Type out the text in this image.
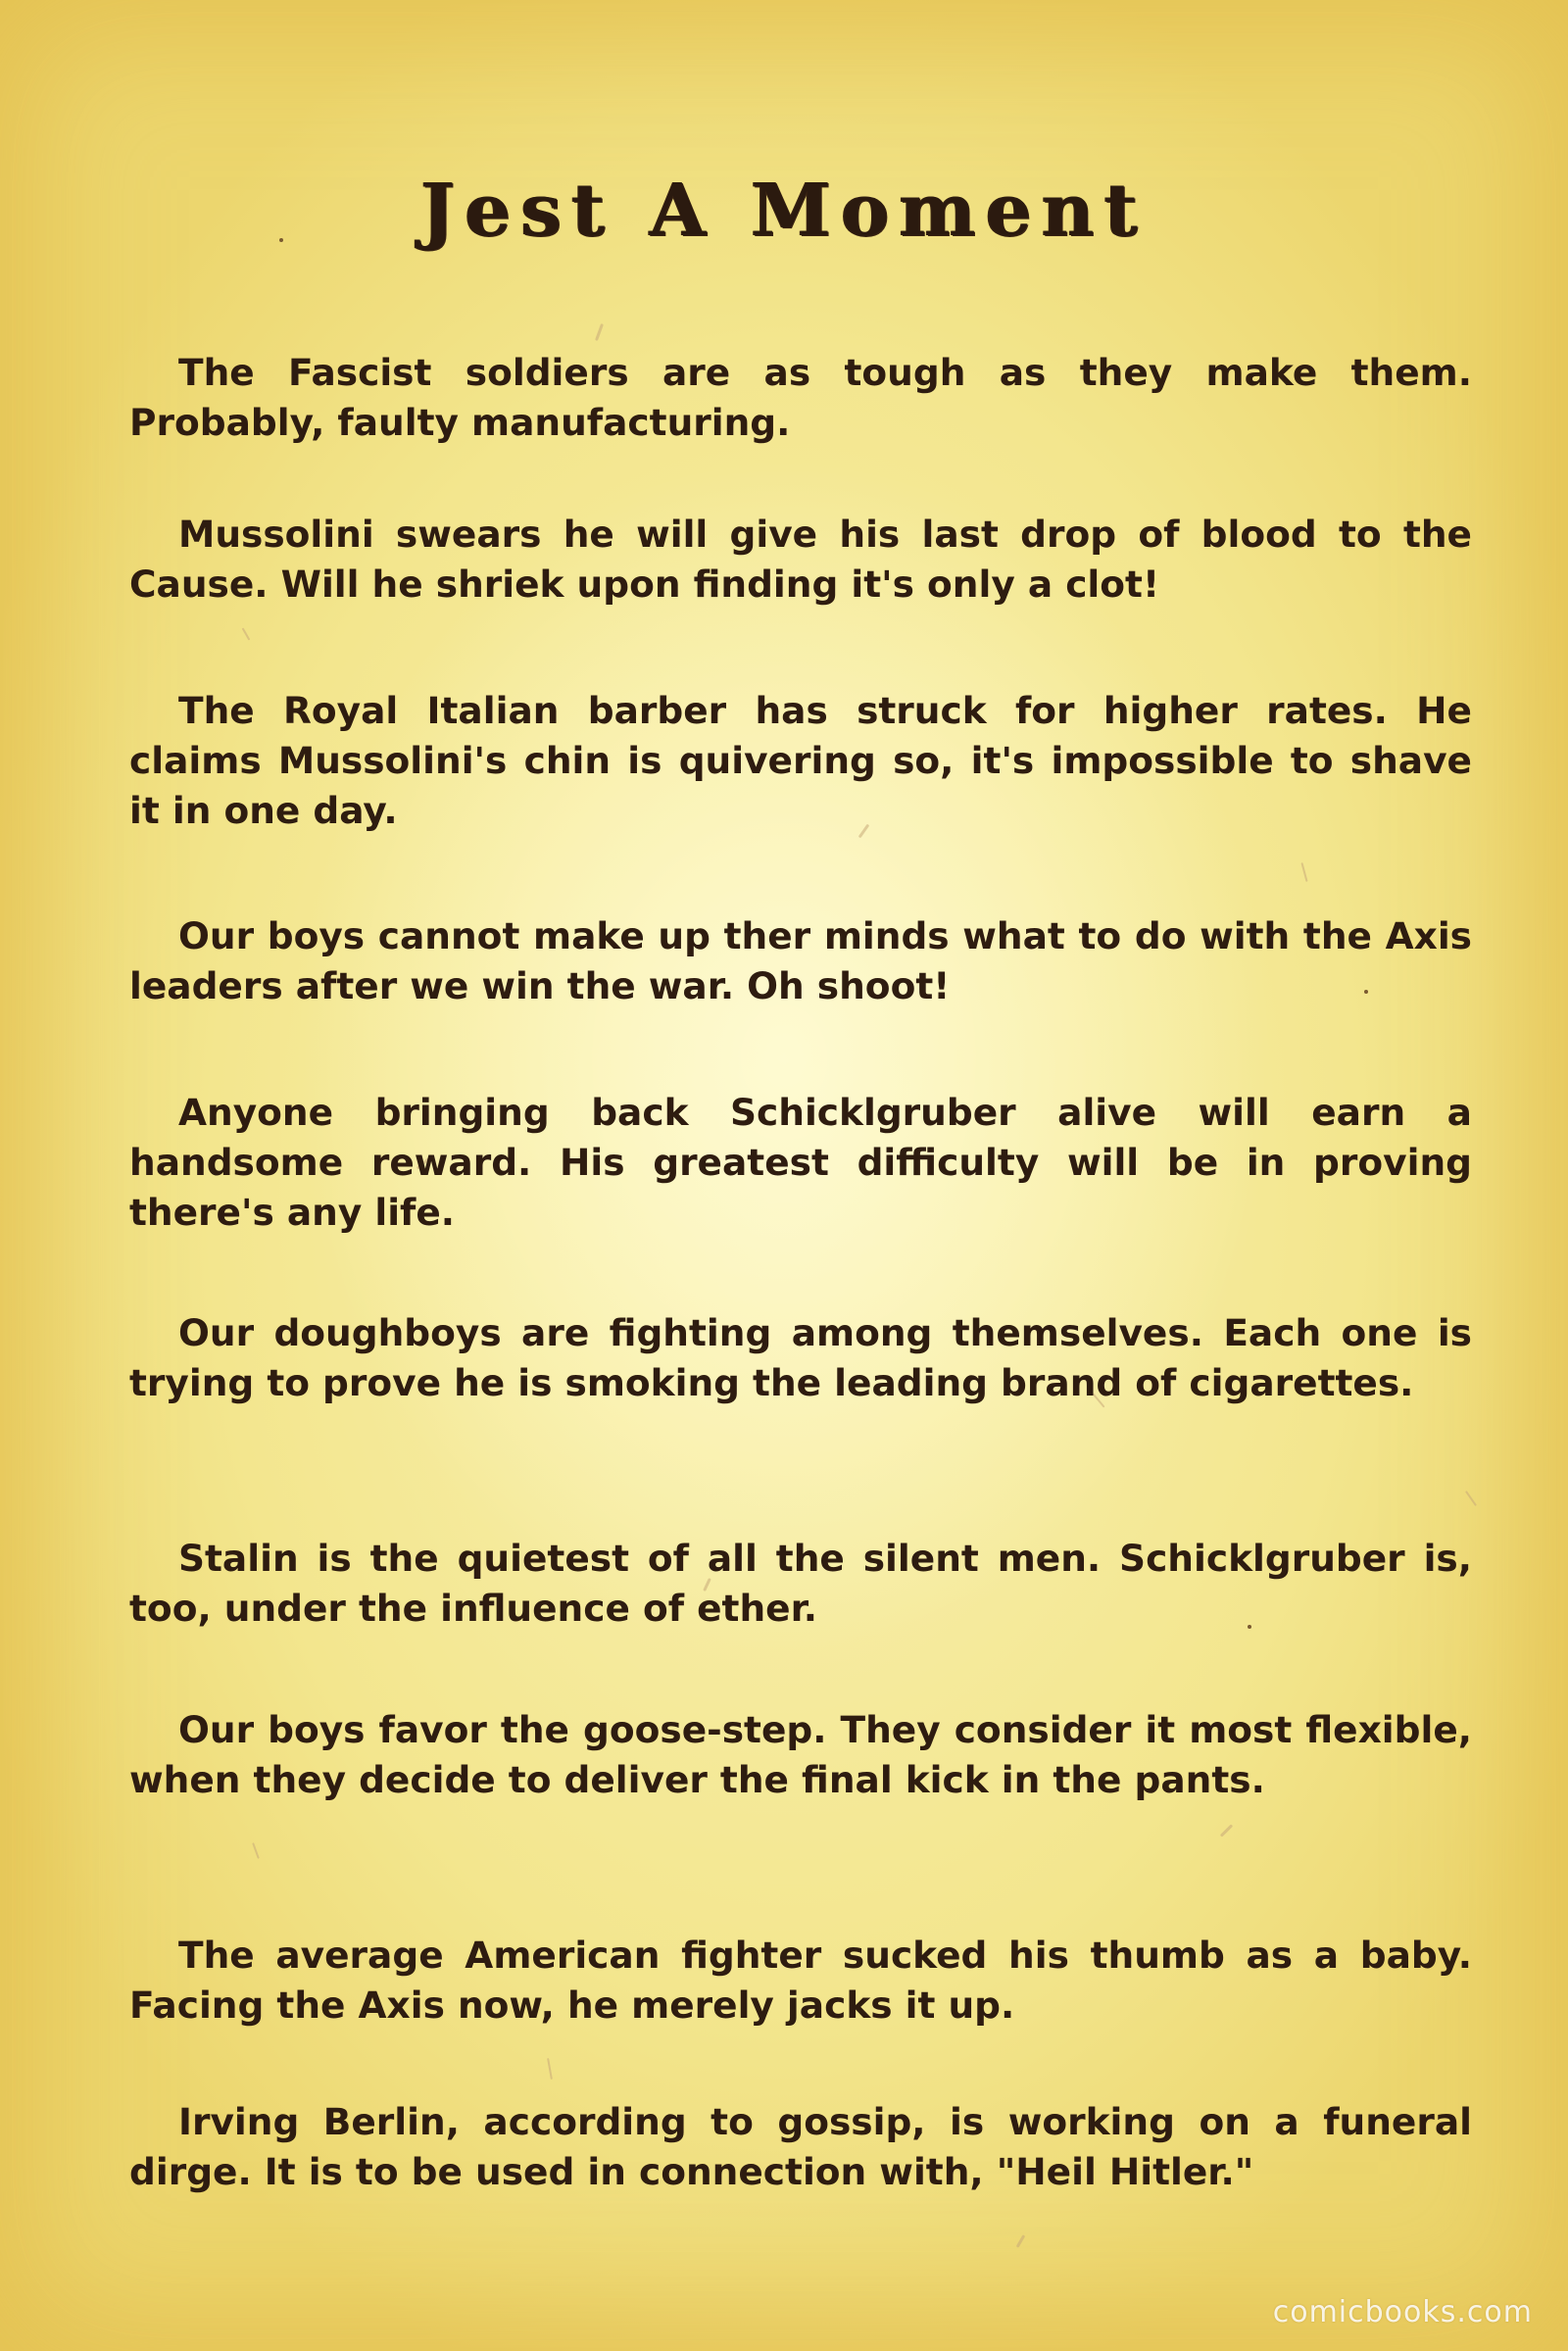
Jest A Moment

The Fascist soldiers are as tough as they make them. Probably, faulty manufacturing.

Mussolini swears he will give his last drop of blood to the Cause. Will he shriek upon finding it's only a clot!

The Royal Italian barber has struck for higher rates. He claims Mussolini's chin is quivering so, it's impossible to shave it in one day.

Our boys cannot make up ther minds what to do with the Axis leaders after we win the war. Oh shoot!

Anyone bringing back Schicklgruber alive will earn a handsome reward. His greatest difficulty will be in proving there's any life.

Our doughboys are fighting among themselves. Each one is trying to prove he is smoking the leading brand of cigarettes.

Stalin is the quietest of all the silent men. Schicklgruber is, too, under the influence of ether.

Our boys favor the goose-step. They consider it most flexible, when they decide to deliver the final kick in the pants.

The average American fighter sucked his thumb as a baby. Facing the Axis now, he merely jacks it up.

Irving Berlin, according to gossip, is working on a funeral dirge. It is to be used in connection with, "Heil Hitler."

comicbooks.com
